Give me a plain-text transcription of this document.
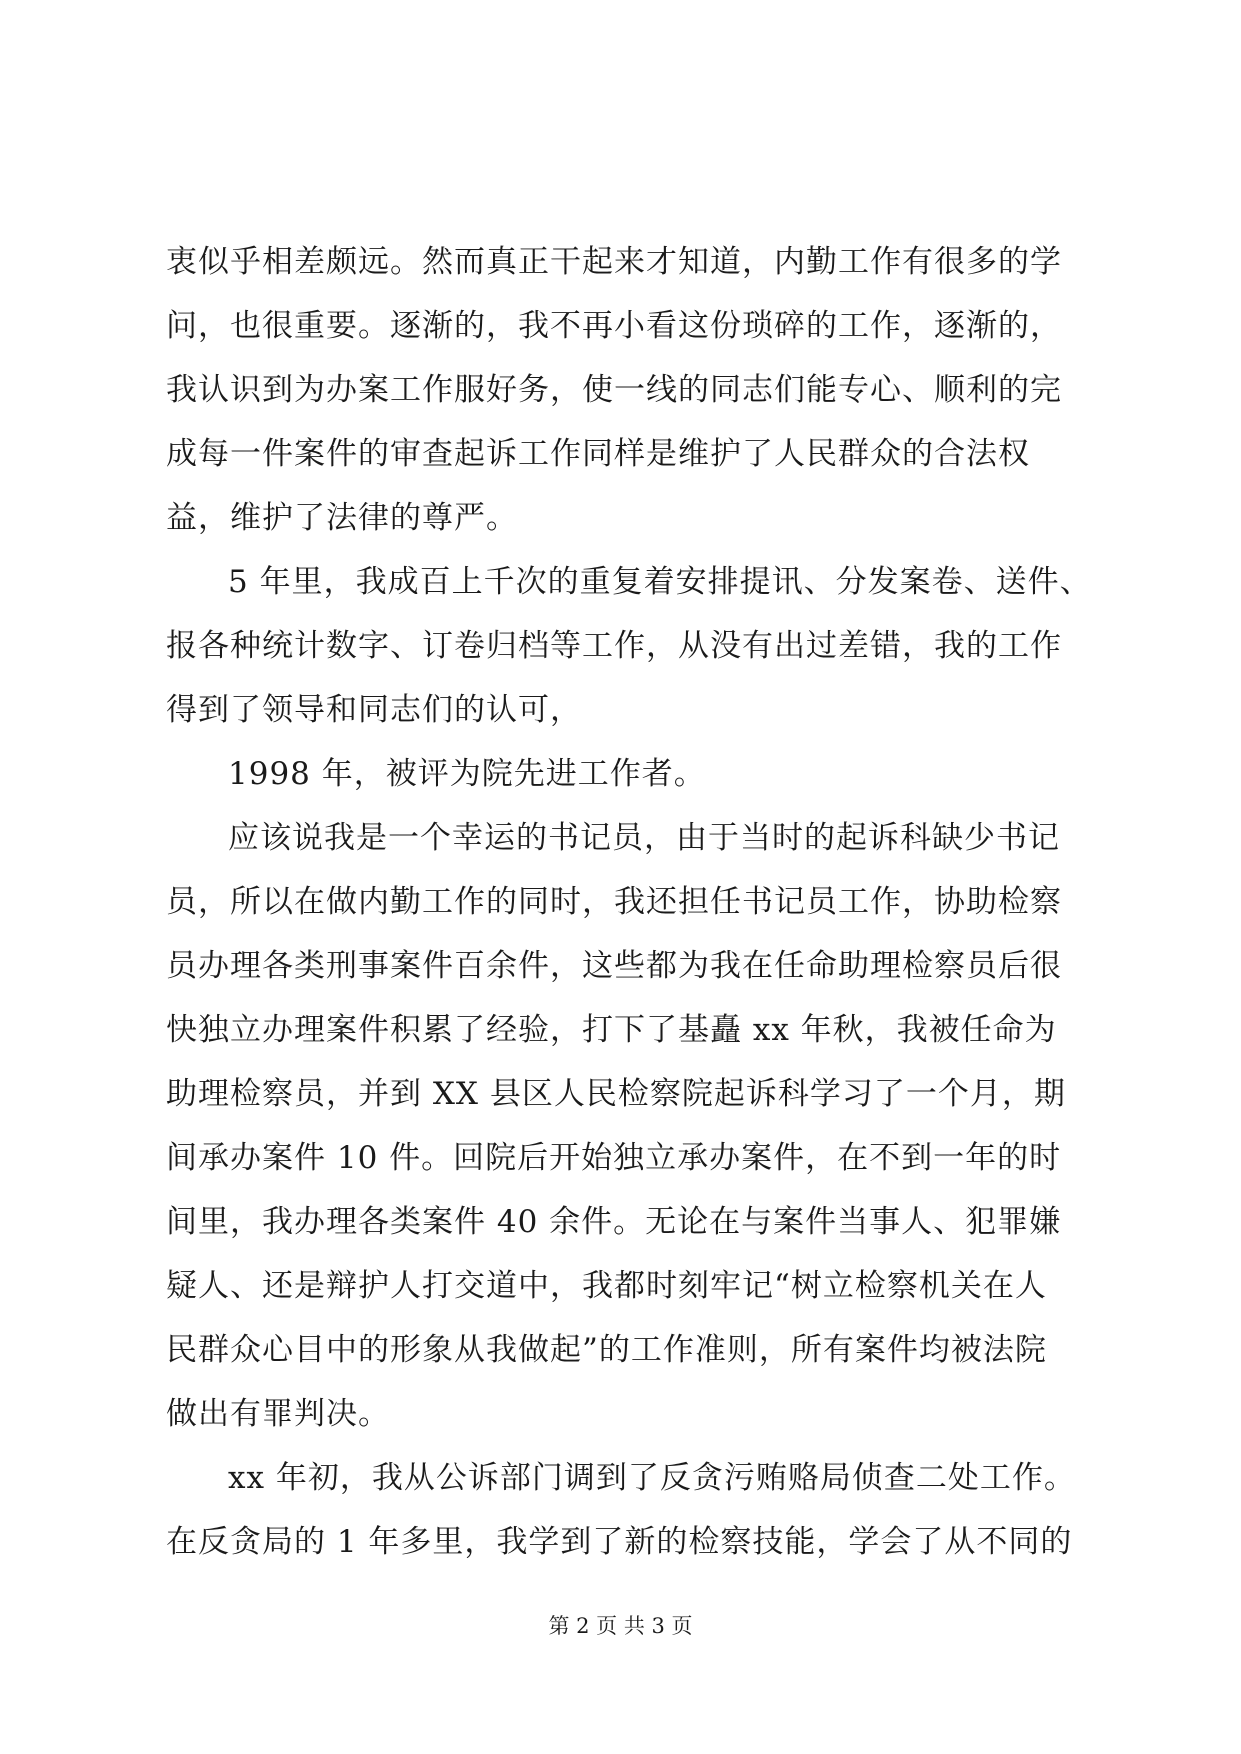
衷似乎相差颇远。然而真正干起来才知道，内勤工作有很多的学
问，也很重要。逐渐的，我不再小看这份琐碎的工作，逐渐的，
我认识到为办案工作服好务，使一线的同志们能专心、顺利的完
成每一件案件的审查起诉工作同样是维护了人民群众的合法权
益，维护了法律的尊严。
5 年里，我成百上千次的重复着安排提讯、分发案卷、送件、
报各种统计数字、订卷归档等工作，从没有出过差错，我的工作
得到了领导和同志们的认可，
1998 年，被评为院先进工作者。
应该说我是一个幸运的书记员，由于当时的起诉科缺少书记
员，所以在做内勤工作的同时，我还担任书记员工作，协助检察
员办理各类刑事案件百余件，这些都为我在任命助理检察员后很
快独立办理案件积累了经验，打下了基矗 xx 年秋，我被任命为
助理检察员，并到 XX 县区人民检察院起诉科学习了一个月，期
间承办案件 10 件。回院后开始独立承办案件，在不到一年的时
间里，我办理各类案件 40 余件。无论在与案件当事人、犯罪嫌
疑人、还是辩护人打交道中，我都时刻牢记“树立检察机关在人
民群众心目中的形象从我做起”的工作准则，所有案件均被法院
做出有罪判决。
xx 年初，我从公诉部门调到了反贪污贿赂局侦查二处工作。
在反贪局的 1 年多里，我学到了新的检察技能，学会了从不同的
第 2 页 共 3 页
